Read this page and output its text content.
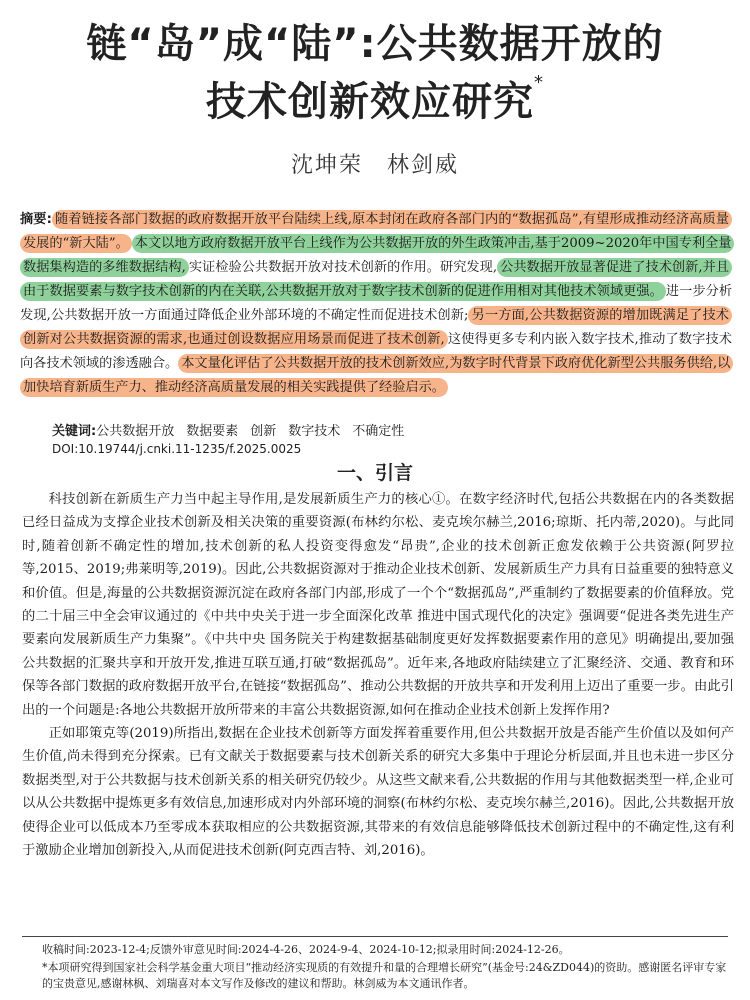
链“岛”成“陆”:公共数据开放的
技术创新效应研究*
沈坤荣　林剑威
摘要: 随着链接各部门数据的政府数据开放平台陆续上线,原本封闭在政府各部门内的“数据孤岛”,有望形成推动经济高质量发展的“新大陆”。 本文以地方政府数据开放平台上线作为公共数据开放的外生政策冲击,基于2009~2020年中国专利全量数据集构造的多维数据结构, 实证检验公共数据开放对技术创新的作用。研究发现, 公共数据开放显著促进了技术创新,并且由于数据要素与数字技术创新的内在关联,公共数据开放对于数字技术创新的促进作用相对其他技术领域更强。 进一步分析发现,公共数据开放一方面通过降低企业外部环境的不确定性而促进技术创新; 另一方面,公共数据资源的增加既满足了技术创新对公共数据资源的需求,也通过创设数据应用场景而促进了技术创新, 这使得更多专利内嵌入数字技术,推动了数字技术向各技术领域的渗透融合。 本文量化评估了公共数据开放的技术创新效应,为数字时代背景下政府优化新型公共服务供给,以加快培育新质生产力、推动经济高质量发展的相关实践提供了经验启示。
关键词:公共数据开放 数据要素 创新 数字技术 不确定性
DOI:10.19744/j.cnki.11-1235/f.2025.0025
一、引言

科技创新在新质生产力当中起主导作用,是发展新质生产力的核心①。在数字经济时代,包括公共数据在内的各类数据已经日益成为支撑企业技术创新及相关决策的重要资源(布林约尔松、麦克埃尔赫兰,2016;琼斯、托内蒂,2020)。与此同时,随着创新不确定性的增加,技术创新的私人投资变得愈发“昂贵”,企业的技术创新正愈发依赖于公共资源(阿罗拉等,2015、2019;弗莱明等,2019)。因此,公共数据资源对于推动企业技术创新、发展新质生产力具有日益重要的独特意义和价值。但是,海量的公共数据资源沉淀在政府各部门内部,形成了一个个“数据孤岛”,严重制约了数据要素的价值释放。党的二十届三中全会审议通过的《中共中央关于进一步全面深化改革 推进中国式现代化的决定》强调要“促进各类先进生产要素向发展新质生产力集聚”。《中共中央 国务院关于构建数据基础制度更好发挥数据要素作用的意见》明确提出,要加强公共数据的汇聚共享和开放开发,推进互联互通,打破“数据孤岛”。近年来,各地政府陆续建立了汇聚经济、交通、教育和环保等各部门数据的政府数据开放平台,在链接“数据孤岛”、推动公共数据的开放共享和开发利用上迈出了重要一步。由此引出的一个问题是:各地公共数据开放所带来的丰富公共数据资源,如何在推动企业技术创新上发挥作用?

正如耶策克等(2019)所指出,数据在企业技术创新等方面发挥着重要作用,但公共数据开放是否能产生价值以及如何产生价值,尚未得到充分探索。已有文献关于数据要素与技术创新关系的研究大多集中于理论分析层面,并且也未进一步区分数据类型,对于公共数据与技术创新关系的相关研究仍较少。从这些文献来看,公共数据的作用与其他数据类型一样,企业可以从公共数据中提炼更多有效信息,加速形成对内外部环境的洞察(布林约尔松、麦克埃尔赫兰,2016)。因此,公共数据开放使得企业可以低成本乃至零成本获取相应的公共数据资源,其带来的有效信息能够降低技术创新过程中的不确定性,这有利于激励企业增加创新投入,从而促进技术创新(阿克西吉特、刘,2016)。

收稿时间:2023-12-4;反馈外审意见时间:2024-4-26、2024-9-4、2024-10-12;拟录用时间:2024-12-26。
*本项研究得到国家社会科学基金重大项目“推动经济实现质的有效提升和量的合理增长研究”(基金号:24&ZD044)的资助。感谢匿名评审专家的宝贵意见,感谢林枫、刘瑞喜对本文写作及修改的建议和帮助。林剑威为本文通讯作者。
